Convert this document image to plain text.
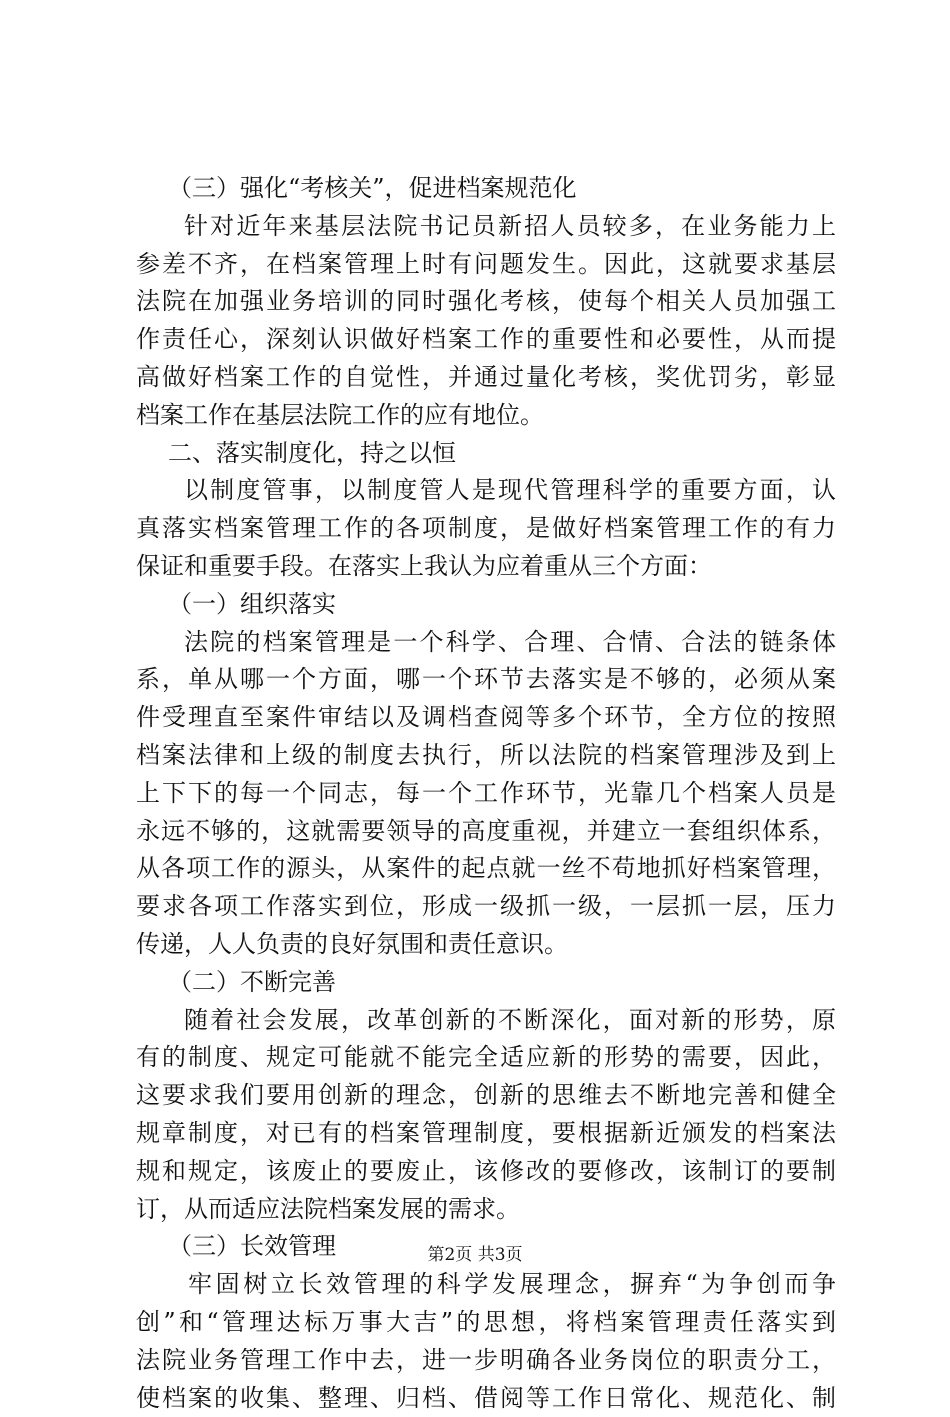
（三）强化“考核关”，促进档案规范化
针对近年来基层法院书记员新招人员较多，在业务能力上
参差不齐，在档案管理上时有问题发生。因此，这就要求基层
法院在加强业务培训的同时强化考核，使每个相关人员加强工
作责任心，深刻认识做好档案工作的重要性和必要性，从而提
高做好档案工作的自觉性，并通过量化考核，奖优罚劣，彰显
档案工作在基层法院工作的应有地位。
二、落实制度化，持之以恒
以制度管事，以制度管人是现代管理科学的重要方面，认
真落实档案管理工作的各项制度，是做好档案管理工作的有力
保证和重要手段。在落实上我认为应着重从三个方面：
（一）组织落实
法院的档案管理是一个科学、合理、合情、合法的链条体
系，单从哪一个方面，哪一个环节去落实是不够的，必须从案
件受理直至案件审结以及调档查阅等多个环节，全方位的按照
档案法律和上级的制度去执行，所以法院的档案管理涉及到上
上下下的每一个同志，每一个工作环节，光靠几个档案人员是
永远不够的，这就需要领导的高度重视，并建立一套组织体系，
从各项工作的源头，从案件的起点就一丝不苟地抓好档案管理，
要求各项工作落实到位，形成一级抓一级，一层抓一层，压力
传递，人人负责的良好氛围和责任意识。
（二）不断完善
随着社会发展，改革创新的不断深化，面对新的形势，原
有的制度、规定可能就不能完全适应新的形势的需要，因此，
这要求我们要用创新的理念，创新的思维去不断地完善和健全
规章制度，对已有的档案管理制度，要根据新近颁发的档案法
规和规定，该废止的要废止，该修改的要修改，该制订的要制
订，从而适应法院档案发展的需求。
（三）长效管理
牢固树立长效管理的科学发展理念，摒弃“为争创而争
创”和“管理达标万事大吉”的思想，将档案管理责任落实到
法院业务管理工作中去，进一步明确各业务岗位的职责分工，
使档案的收集、整理、归档、借阅等工作日常化、规范化、制
第2页 共3页
